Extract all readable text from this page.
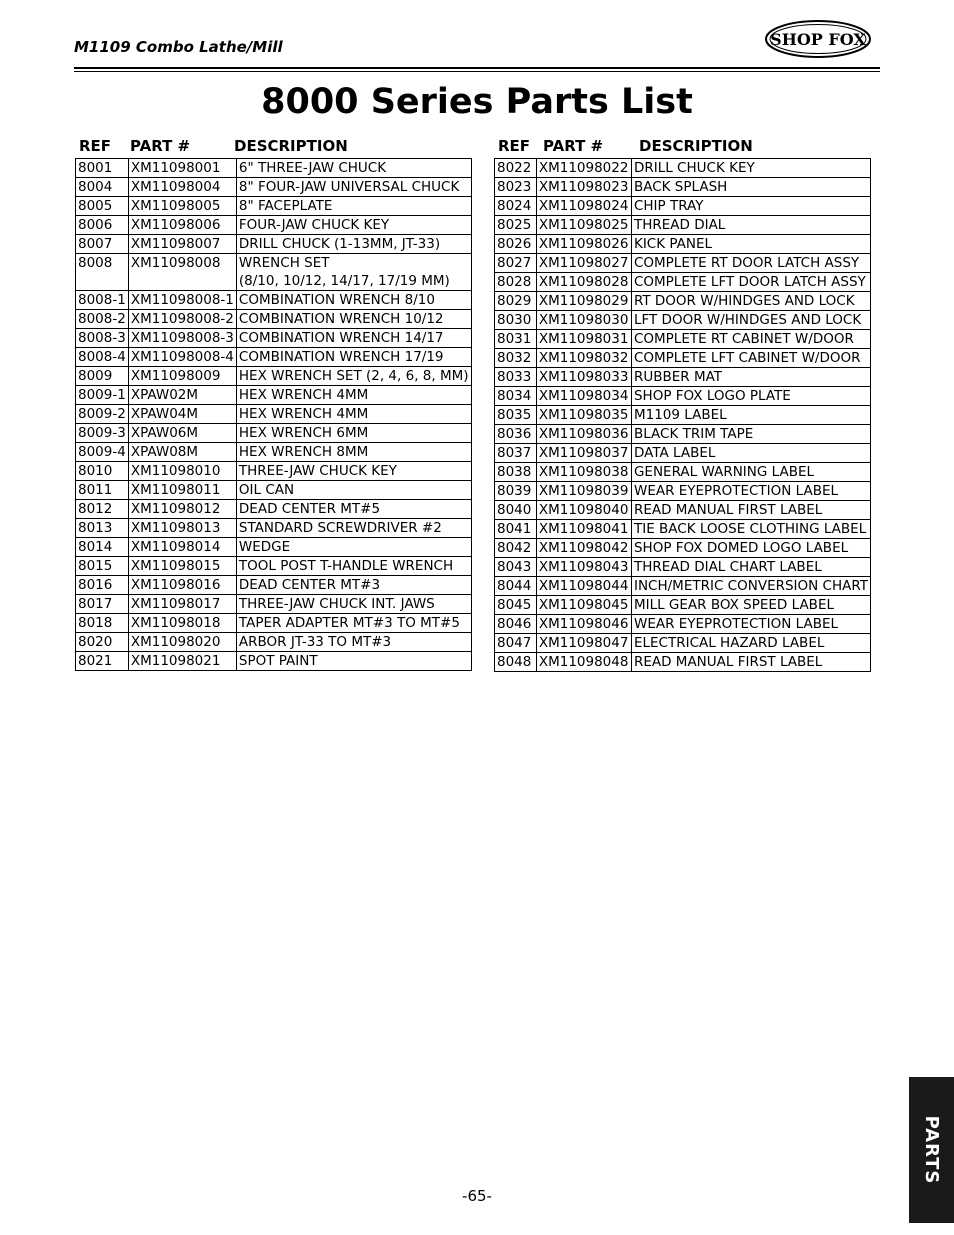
M1109 Combo Lathe/Mill	SHOP FOX
8000 Series Parts List
REF PART #	DESCRIPTION	REF PART # DESCRIPTION
8001	XM11098001	6" THREE-JAW CHUCK
8004	XM11098004	8" FOUR-JAW UNIVERSAL CHUCK
8005	XM11098005	8" FACEPLATE
8006	XM11098006	FOUR-JAW CHUCK KEY
8007	XM11098007	DRILL CHUCK (1-13MM, JT-33)
8008	XM11098008	WRENCH SET
(8/10, 10/12, 14/17, 17/19 MM)

8008-1	XM11098008-1	COMBINATION WRENCH 8/10
8008-2	XM11098008-2	COMBINATION WRENCH 10/12
8008-3	XM11098008-3	COMBINATION WRENCH 14/17
8008-4	XM11098008-4	COMBINATION WRENCH 17/19
8009	XM11098009	HEX WRENCH SET (2, 4, 6, 8, MM)
8009-1	XPAW02M	HEX WRENCH 4MM
8009-2	XPAW04M	HEX WRENCH 4MM
8009-3	XPAW06M	HEX WRENCH 6MM
8009-4	XPAW08M	HEX WRENCH 8MM
8010	XM11098010	THREE-JAW CHUCK KEY
8011	XM11098011	OIL CAN
8012	XM11098012	DEAD CENTER MT#5
8013	XM11098013	STANDARD SCREWDRIVER #2
8014	XM11098014	WEDGE
8015	XM11098015	TOOL POST T-HANDLE WRENCH
8016	XM11098016	DEAD CENTER MT#3
8017	XM11098017	THREE-JAW CHUCK INT. JAWS
8018	XM11098018	TAPER ADAPTER MT#3 TO MT#5
8020	XM11098020	ARBOR JT-33 TO MT#3
8021	XM11098021	SPOT PAINT
8022	XM11098022	DRILL CHUCK KEY
8023	XM11098023	BACK SPLASH
8024	XM11098024	CHIP TRAY
8025	XM11098025	THREAD DIAL
8026	XM11098026	KICK PANEL
8027	XM11098027	COMPLETE RT DOOR LATCH ASSY
8028	XM11098028	COMPLETE LFT DOOR LATCH ASSY
8029	XM11098029	RT DOOR W/HINDGES AND LOCK
8030	XM11098030	LFT DOOR W/HINDGES AND LOCK
8031	XM11098031	COMPLETE RT CABINET W/DOOR
8032	XM11098032	COMPLETE LFT CABINET W/DOOR
8033	XM11098033	RUBBER MAT
8034	XM11098034	SHOP FOX LOGO PLATE
8035	XM11098035	M1109 LABEL
8036	XM11098036	BLACK TRIM TAPE
8037	XM11098037	DATA LABEL
8038	XM11098038	GENERAL WARNING LABEL
8039	XM11098039	WEAR EYEPROTECTION LABEL
8040	XM11098040	READ MANUAL FIRST LABEL
8041	XM11098041	TIE BACK LOOSE CLOTHING LABEL
8042	XM11098042	SHOP FOX DOMED LOGO LABEL
8043	XM11098043	THREAD DIAL CHART LABEL
8044	XM11098044	INCH/METRIC CONVERSION CHART
8045	XM11098045	MILL GEAR BOX SPEED LABEL
8046	XM11098046	WEAR EYEPROTECTION LABEL
8047	XM11098047	ELECTRICAL HAZARD LABEL
8048	XM11098048	READ MANUAL FIRST LABEL
PARTS
-65-
